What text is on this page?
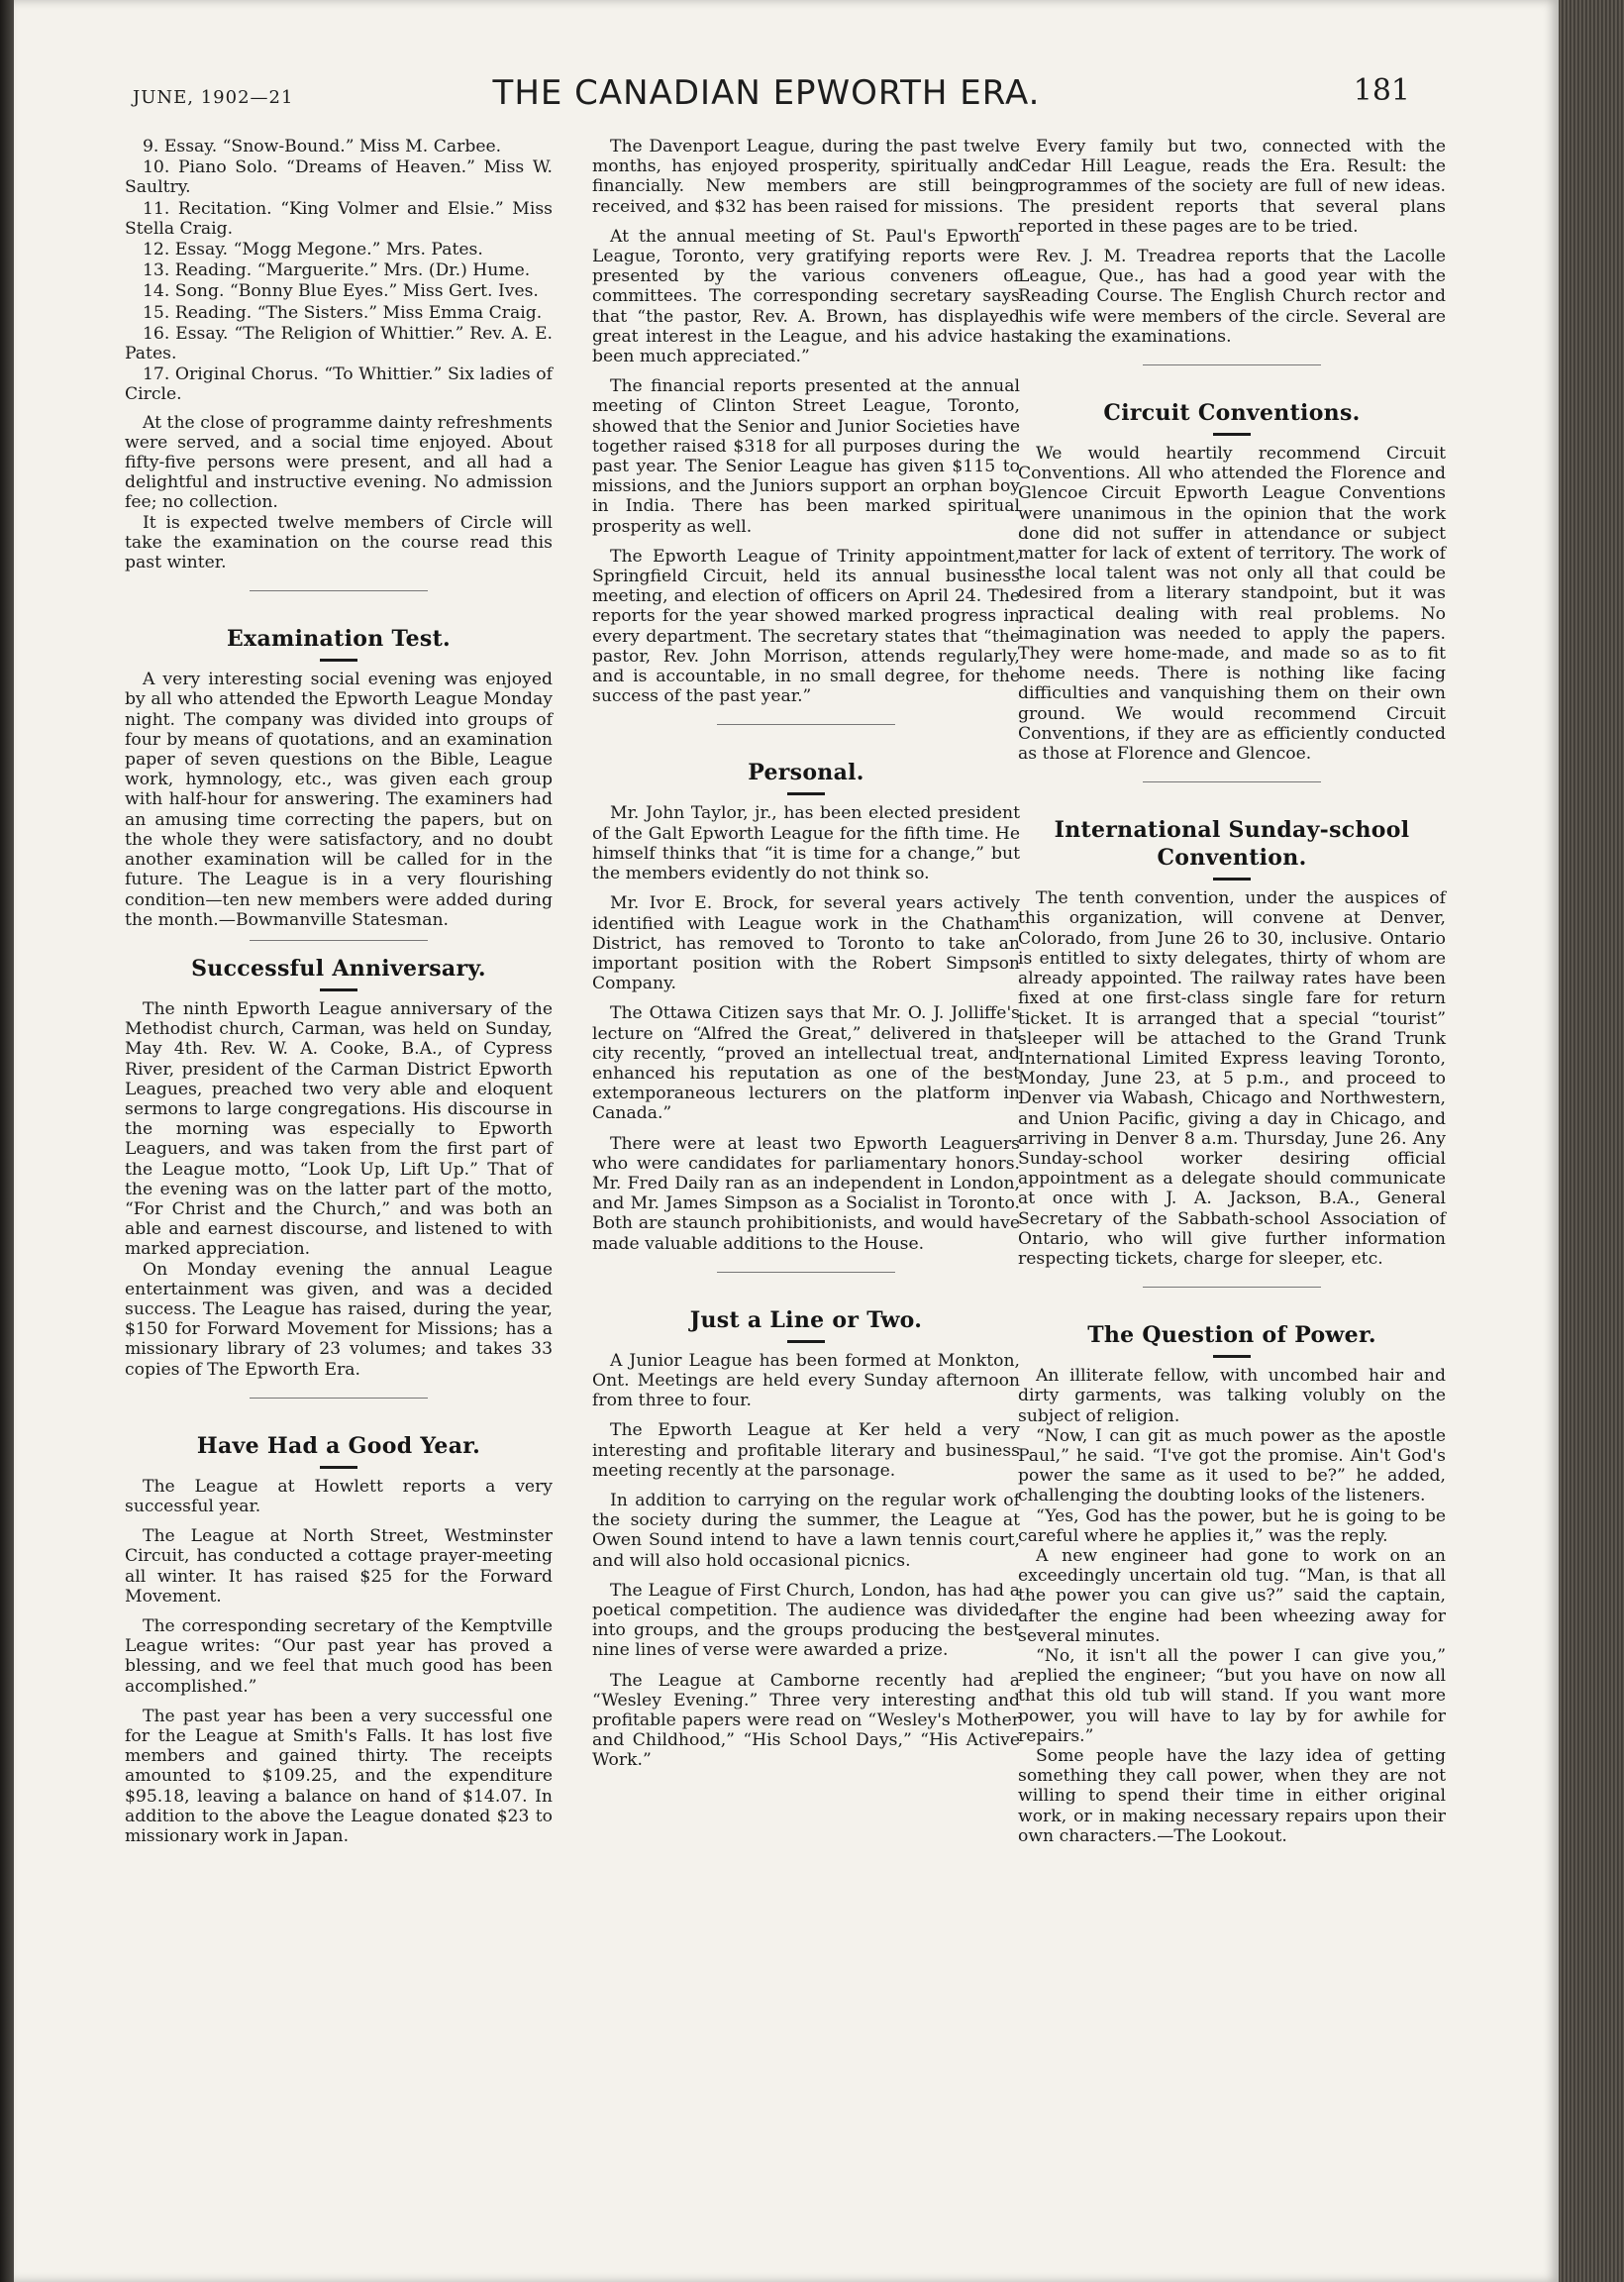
JUNE, 1902—21	THE CANADIAN EPWORTH ERA.	181

9. Essay. “Snow-Bound.” Miss M. Carbee.

10. Piano Solo. “Dreams of Heaven.” Miss W. Saultry.

11. Recitation. “King Volmer and Elsie.” Miss Stella Craig.

12. Essay. “Mogg Megone.” Mrs. Pates.

13. Reading. “Marguerite.” Mrs. (Dr.) Hume.

14. Song. “Bonny Blue Eyes.” Miss Gert. Ives.

15. Reading. “The Sisters.” Miss Emma Craig.

16. Essay. “The Religion of Whittier.” Rev. A. E. Pates.

17. Original Chorus. “To Whittier.” Six ladies of Circle.

At the close of programme dainty refreshments were served, and a social time enjoyed. About fifty-five persons were present, and all had a delightful and instructive evening. No admission fee; no collection.

It is expected twelve members of Circle will take the examination on the course read this past winter.

Examination Test.

A very interesting social evening was enjoyed by all who attended the Epworth League Monday night. The company was divided into groups of four by means of quotations, and an examination paper of seven questions on the Bible, League work, hymnology, etc., was given each group with half-hour for answering. The examiners had an amusing time correcting the papers, but on the whole they were satisfactory, and no doubt another examination will be called for in the future. The League is in a very flourishing condition—ten new members were added during the month.—Bowmanville Statesman.

Successful Anniversary.

The ninth Epworth League anniversary of the Methodist church, Carman, was held on Sunday, May 4th. Rev. W. A. Cooke, B.A., of Cypress River, president of the Carman District Epworth Leagues, preached two very able and eloquent sermons to large congregations. His discourse in the morning was especially to Epworth Leaguers, and was taken from the first part of the League motto, “Look Up, Lift Up.” That of the evening was on the latter part of the motto, “For Christ and the Church,” and was both an able and earnest discourse, and listened to with marked appreciation.

On Monday evening the annual League entertainment was given, and was a decided success. The League has raised, during the year, $150 for Forward Movement for Missions; has a missionary library of 23 volumes; and takes 33 copies of The Epworth Era.

Have Had a Good Year.

The League at Howlett reports a very successful year.

The League at North Street, Westminster Circuit, has conducted a cottage prayer-meeting all winter. It has raised $25 for the Forward Movement.

The corresponding secretary of the Kemptville League writes: “Our past year has proved a blessing, and we feel that much good has been accomplished.”

The past year has been a very successful one for the League at Smith's Falls. It has lost five members and gained thirty. The receipts amounted to $109.25, and the expenditure $95.18, leaving a balance on hand of $14.07. In addition to the above the League donated $23 to missionary work in Japan.

The Davenport League, during the past twelve months, has enjoyed prosperity, spiritually and financially. New members are still being received, and $32 has been raised for missions.

At the annual meeting of St. Paul's Epworth League, Toronto, very gratifying reports were presented by the various conveners of committees. The corresponding secretary says that “the pastor, Rev. A. Brown, has displayed great interest in the League, and his advice has been much appreciated.”

The financial reports presented at the annual meeting of Clinton Street League, Toronto, showed that the Senior and Junior Societies have together raised $318 for all purposes during the past year. The Senior League has given $115 to missions, and the Juniors support an orphan boy in India. There has been marked spiritual prosperity as well.

The Epworth League of Trinity appointment, Springfield Circuit, held its annual business meeting, and election of officers on April 24. The reports for the year showed marked progress in every department. The secretary states that “the pastor, Rev. John Morrison, attends regularly, and is accountable, in no small degree, for the success of the past year.”

Personal.

Mr. John Taylor, jr., has been elected president of the Galt Epworth League for the fifth time. He himself thinks that “it is time for a change,” but the members evidently do not think so.

Mr. Ivor E. Brock, for several years actively identified with League work in the Chatham District, has removed to Toronto to take an important position with the Robert Simpson Company.

The Ottawa Citizen says that Mr. O. J. Jolliffe's lecture on “Alfred the Great,” delivered in that city recently, “proved an intellectual treat, and enhanced his reputation as one of the best extemporaneous lecturers on the platform in Canada.”

There were at least two Epworth Leaguers who were candidates for parliamentary honors. Mr. Fred Daily ran as an independent in London, and Mr. James Simpson as a Socialist in Toronto. Both are staunch prohibitionists, and would have made valuable additions to the House.

Just a Line or Two.

A Junior League has been formed at Monkton, Ont. Meetings are held every Sunday afternoon from three to four.

The Epworth League at Ker held a very interesting and profitable literary and business meeting recently at the parsonage.

In addition to carrying on the regular work of the society during the summer, the League at Owen Sound intend to have a lawn tennis court, and will also hold occasional picnics.

The League of First Church, London, has had a poetical competition. The audience was divided into groups, and the groups producing the best nine lines of verse were awarded a prize.

The League at Camborne recently had a “Wesley Evening.” Three very interesting and profitable papers were read on “Wesley's Mother and Childhood,” “His School Days,” “His Active Work.”

Every family but two, connected with the Cedar Hill League, reads the Era. Result: the programmes of the society are full of new ideas. The president reports that several plans reported in these pages are to be tried.

Rev. J. M. Treadrea reports that the Lacolle League, Que., has had a good year with the Reading Course. The English Church rector and his wife were members of the circle. Several are taking the examinations.

Circuit Conventions.

We would heartily recommend Circuit Conventions. All who attended the Florence and Glencoe Circuit Epworth League Conventions were unanimous in the opinion that the work done did not suffer in attendance or subject matter for lack of extent of territory. The work of the local talent was not only all that could be desired from a literary standpoint, but it was practical dealing with real problems. No imagination was needed to apply the papers. They were home-made, and made so as to fit home needs. There is nothing like facing difficulties and vanquishing them on their own ground. We would recommend Circuit Conventions, if they are as efficiently conducted as those at Florence and Glencoe.

International Sunday-school Convention.

The tenth convention, under the auspices of this organization, will convene at Denver, Colorado, from June 26 to 30, inclusive. Ontario is entitled to sixty delegates, thirty of whom are already appointed. The railway rates have been fixed at one first-class single fare for return ticket. It is arranged that a special “tourist” sleeper will be attached to the Grand Trunk International Limited Express leaving Toronto, Monday, June 23, at 5 p.m., and proceed to Denver via Wabash, Chicago and Northwestern, and Union Pacific, giving a day in Chicago, and arriving in Denver 8 a.m. Thursday, June 26. Any Sunday-school worker desiring official appointment as a delegate should communicate at once with J. A. Jackson, B.A., General Secretary of the Sabbath-school Association of Ontario, who will give further information respecting tickets, charge for sleeper, etc.

The Question of Power.

An illiterate fellow, with uncombed hair and dirty garments, was talking volubly on the subject of religion.

“Now, I can git as much power as the apostle Paul,” he said. “I've got the promise. Ain't God's power the same as it used to be?” he added, challenging the doubting looks of the listeners.

“Yes, God has the power, but he is going to be careful where he applies it,” was the reply.

A new engineer had gone to work on an exceedingly uncertain old tug. “Man, is that all the power you can give us?” said the captain, after the engine had been wheezing away for several minutes.

“No, it isn't all the power I can give you,” replied the engineer; “but you have on now all that this old tub will stand. If you want more power, you will have to lay by for awhile for repairs.”

Some people have the lazy idea of getting something they call power, when they are not willing to spend their time in either original work, or in making necessary repairs upon their own characters.—The Lookout.
